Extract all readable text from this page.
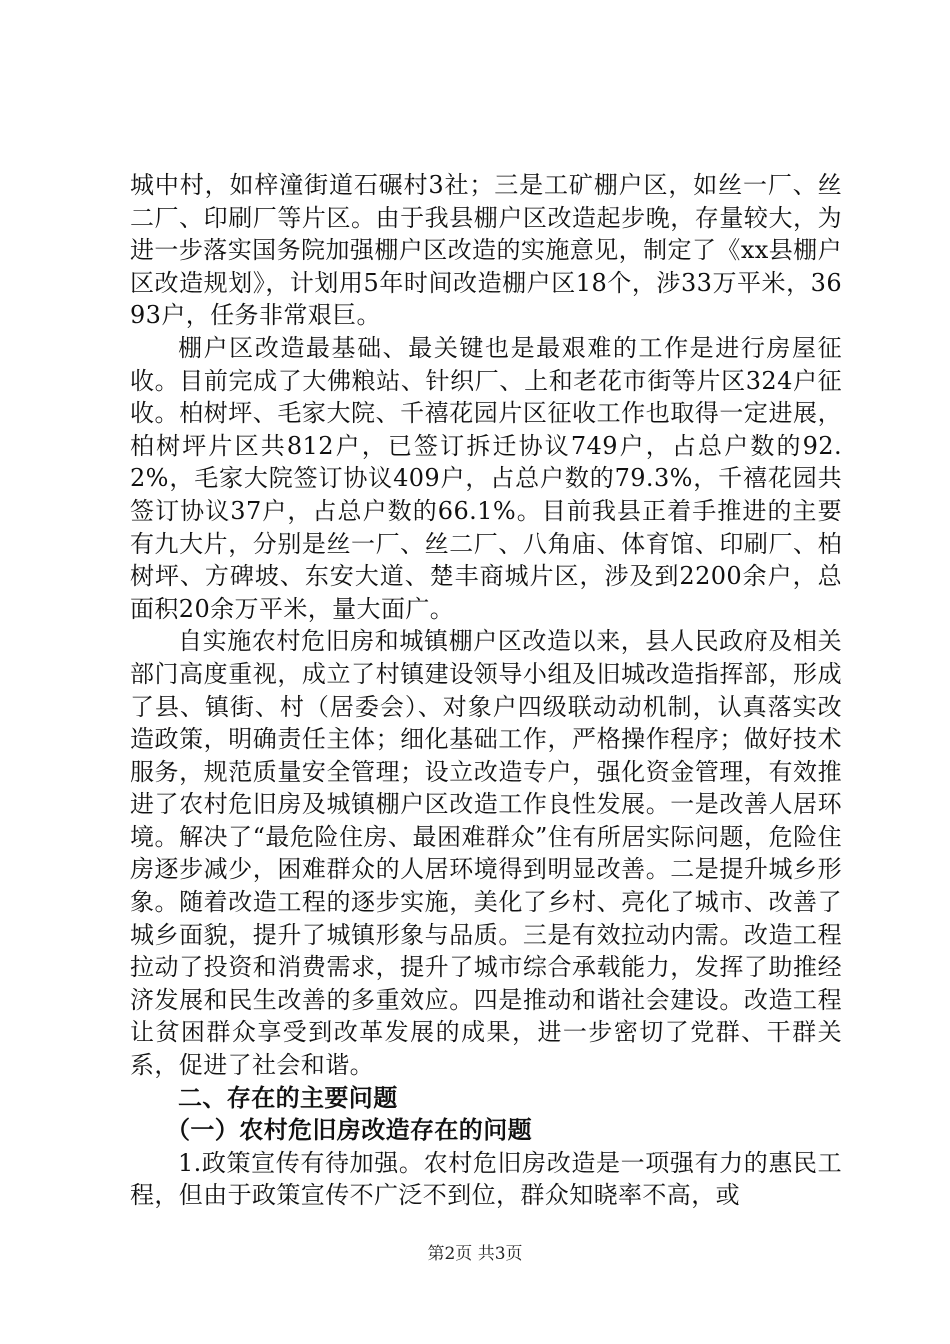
城中村，如梓潼街道石碾村3社；三是工矿棚户区，如丝一厂、丝二厂、印刷厂等片区。由于我县棚户区改造起步晚，存量较大，为进一步落实国务院加强棚户区改造的实施意见，制定了《xx县棚户区改造规划》，计划用5年时间改造棚户区18个，涉33万平米，3693户，任务非常艰巨。

棚户区改造最基础、最关键也是最艰难的工作是进行房屋征收。目前完成了大佛粮站、针织厂、上和老花市街等片区324户征收。柏树坪、毛家大院、千禧花园片区征收工作也取得一定进展，柏树坪片区共812户，已签订拆迁协议749户，占总户数的92.2%，毛家大院签订协议409户，占总户数的79.3%，千禧花园共签订协议37户，占总户数的66.1%。目前我县正着手推进的主要有九大片，分别是丝一厂、丝二厂、八角庙、体育馆、印刷厂、柏树坪、方碑坡、东安大道、楚丰商城片区，涉及到2200余户，总面积20余万平米，量大面广。

自实施农村危旧房和城镇棚户区改造以来，县人民政府及相关部门高度重视，成立了村镇建设领导小组及旧城改造指挥部，形成了县、镇街、村（居委会）、对象户四级联动动机制，认真落实改造政策，明确责任主体；细化基础工作，严格操作程序；做好技术服务，规范质量安全管理；设立改造专户，强化资金管理，有效推进了农村危旧房及城镇棚户区改造工作良性发展。一是改善人居环境。解决了“最危险住房、最困难群众”住有所居实际问题，危险住房逐步减少，困难群众的人居环境得到明显改善。二是提升城乡形象。随着改造工程的逐步实施，美化了乡村、亮化了城市、改善了城乡面貌，提升了城镇形象与品质。三是有效拉动内需。改造工程拉动了投资和消费需求，提升了城市综合承载能力，发挥了助推经济发展和民生改善的多重效应。四是推动和谐社会建设。改造工程让贫困群众享受到改革发展的成果，进一步密切了党群、干群关系，促进了社会和谐。

二、存在的主要问题
（一）农村危旧房改造存在的问题

1.政策宣传有待加强。农村危旧房改造是一项强有力的惠民工程，但由于政策宣传不广泛不到位，群众知晓率不高，或

第2页 共3页
